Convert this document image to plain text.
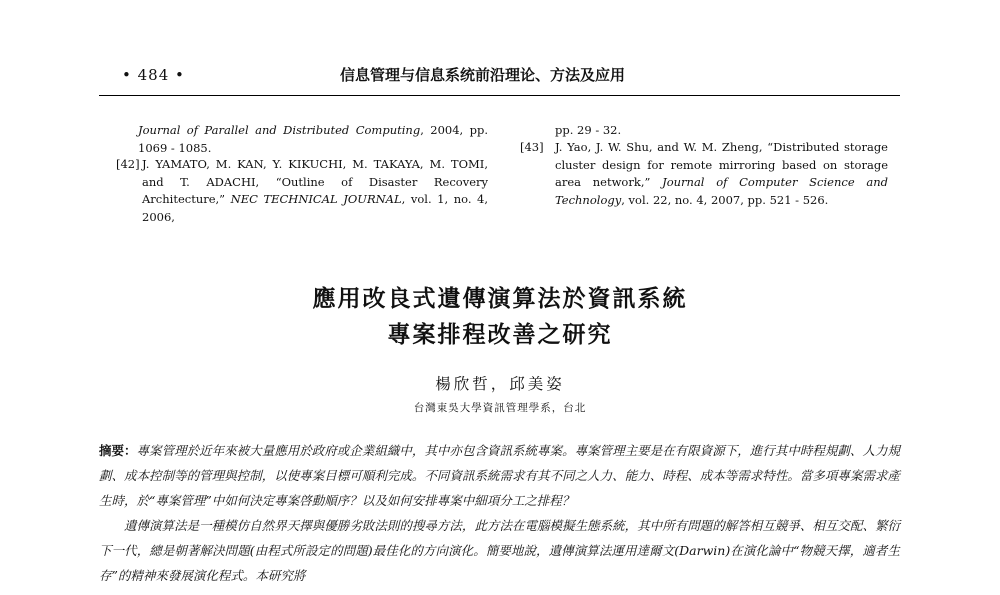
• 484 •	信息管理与信息系统前沿理论、方法及应用
Journal of Parallel and Distributed Computing, 2004, pp. 1069 - 1085.
[42] J. YAMATO, M. KAN, Y. KIKUCHI, M. TAKAYA, M. TOMI, and T. ADACHI, “Outline of Disaster Recovery Architecture,” NEC TECHNICAL JOURNAL, vol. 1, no. 4, 2006,
pp. 29 - 32.
[43] J. Yao, J. W. Shu, and W. M. Zheng, “Distributed storage cluster design for remote mirroring based on storage area network,” Journal of Computer Science and Technology, vol. 22, no. 4, 2007, pp. 521 - 526.
應用改良式遺傳演算法於資訊系統
專案排程改善之研究
楊欣哲，邱美姿
台灣東吳大學資訊管理學系，台北

摘要：專案管理於近年來被大量應用於政府或企業組織中，其中亦包含資訊系統專案。專案管理主要是在有限資源下，進行其中時程規劃、人力規劃、成本控制等的管理與控制，以使專案目標可順利完成。不同資訊系統需求有其不同之人力、能力、時程、成本等需求特性。當多項專案需求產生時，於“專案管理”中如何決定專案啓動順序？以及如何安排專案中細項分工之排程？

遺傳演算法是一種模仿自然界天擇與優勝劣敗法則的搜尋方法，此方法在電腦模擬生態系統，其中所有問題的解答相互競爭、相互交配、繁衍下一代，總是朝著解決問題(由程式所設定的問題)最佳化的方向演化。簡要地說，遺傳演算法運用達爾文(Darwin)在演化論中“物競天擇，適者生存”的精神來發展演化程式。本研究將
